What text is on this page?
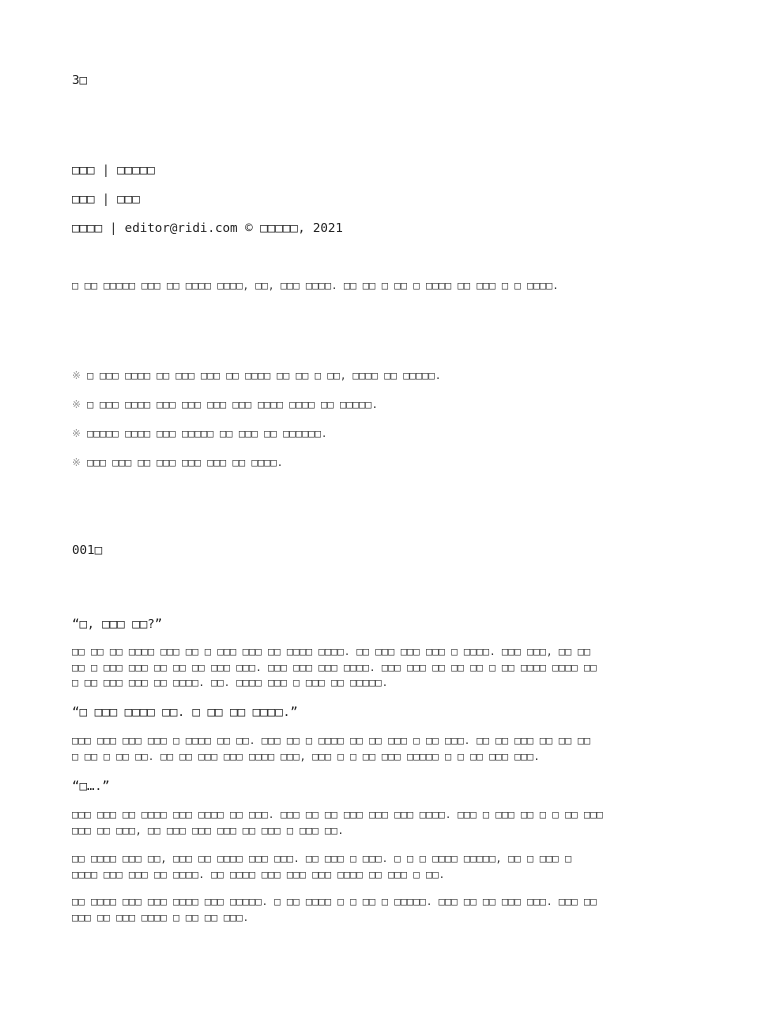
3□

□□□ | □□□□□

□□□ | □□□

□□□□ | editor@ridi.com © □□□□□, 2021

□ □□ □□□□□ □□□ □□ □□□□ □□□□, □□, □□□ □□□□. □□ □□ □ □□ □ □□□□ □□ □□□ □ □ □□□□.

※ □ □□□ □□□□ □□ □□□ □□□ □□ □□□□ □□ □□ □ □□, □□□□ □□ □□□□□.

※ □ □□□ □□□□ □□□ □□□ □□□ □□□ □□□□ □□□□ □□ □□□□□.

※ □□□□□ □□□□ □□□ □□□□□ □□ □□□ □□ □□□□□□.

※ □□□ □□□ □□ □□□ □□□ □□□ □□ □□□□.

001□

“□, □□□ □□?”

□□ □□ □□ □□□□ □□□ □□ □ □□□ □□□ □□ □□□□ □□□□. □□ □□□ □□□ □□□ □ □□□□. □□□ □□□, □□ □□
□□ □ □□□ □□□ □□ □□ □□ □□□ □□□. □□□ □□□ □□□ □□□□. □□□ □□□ □□ □□ □□ □ □□ □□□□ □□□□ □□
□ □□ □□□ □□□ □□ □□□□. □□. □□□□ □□□ □ □□□ □□ □□□□□.

“□ □□□ □□□□ □□. □ □□ □□ □□□□.”

□□□ □□□ □□□ □□□ □ □□□□ □□ □□. □□□ □□ □ □□□□ □□ □□ □□□ □ □□ □□□. □□ □□ □□□ □□ □□ □□
□ □□ □ □□ □□. □□ □□ □□□ □□□ □□□□ □□□, □□□ □ □ □□ □□□ □□□□□ □ □ □□ □□□ □□□.

“□….”

□□□ □□□ □□ □□□□ □□□ □□□□ □□ □□□. □□□ □□ □□ □□□ □□□ □□□ □□□□. □□□ □ □□□ □□ □ □ □□ □□□
□□□ □□ □□□, □□ □□□ □□□ □□□ □□ □□□ □ □□□ □□.

□□ □□□□ □□□ □□, □□□ □□ □□□□ □□□ □□□. □□ □□□ □ □□□. □ □ □ □□□□ □□□□□, □□ □ □□□ □
□□□□ □□□ □□□ □□ □□□□. □□ □□□□ □□□ □□□ □□□ □□□□ □□ □□□ □ □□.

□□ □□□□ □□□ □□□ □□□□ □□□ □□□□□. □ □□ □□□□ □ □ □□ □ □□□□□. □□□ □□ □□ □□□ □□□. □□□ □□
□□□ □□ □□□ □□□□ □ □□ □□ □□□.
